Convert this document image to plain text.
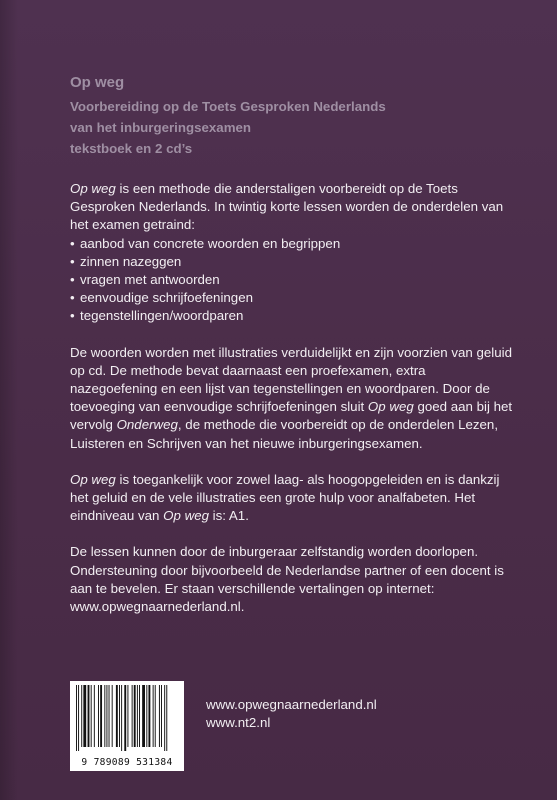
Op weg
Voorbereiding op de Toets Gesproken Nederlands
van het inburgeringsexamen
tekstboek en 2 cd’s

Op weg is een methode die anderstaligen voorbereidt op de Toets Gesproken Nederlands. In twintig korte lessen worden de onderdelen van het examen getraind:

• aanbod van concrete woorden en begrippen
• zinnen nazeggen
• vragen met antwoorden
• eenvoudige schrijfoefeningen
• tegenstellingen/woordparen

De woorden worden met illustraties verduidelijkt en zijn voorzien van geluid op cd. De methode bevat daarnaast een proefexamen, extra nazegoefening en een lijst van tegenstellingen en woordparen. Door de toevoeging van eenvoudige schrijfoefeningen sluit Op weg goed aan bij het vervolg Onderweg, de methode die voorbereidt op de onderdelen Lezen, Luisteren en Schrijven van het nieuwe inburgeringsexamen.

Op weg is toegankelijk voor zowel laag- als hoogopgeleiden en is dankzij het geluid en de vele illustraties een grote hulp voor analfabeten. Het eindniveau van Op weg is: A1.

De lessen kunnen door de inburgeraar zelfstandig worden doorlopen. Ondersteuning door bijvoorbeeld de Nederlandse partner of een docent is aan te bevelen. Er staan verschillende vertalingen op internet: www.opwegnaarnederland.nl.

9 789089 531384
www.opwegnaarnederland.nl
www.nt2.nl
